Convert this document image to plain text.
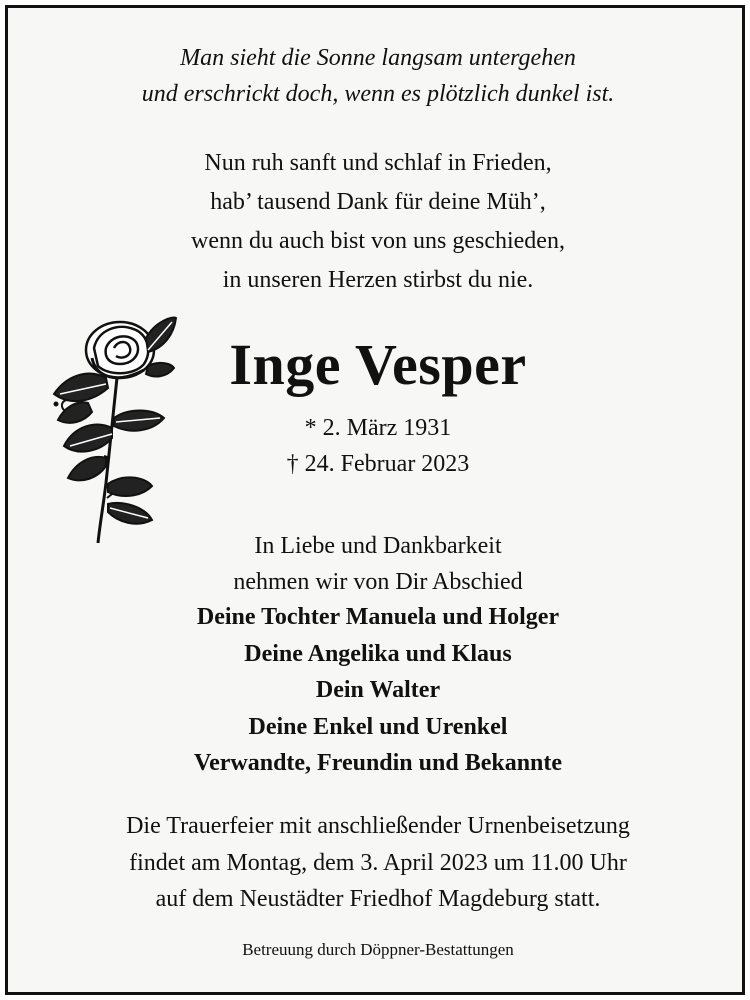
Man sieht die Sonne langsam untergehen
und erschrickt doch, wenn es plötzlich dunkel ist.
Nun ruh sanft und schlaf in Frieden,
hab’ tausend Dank für deine Müh’,
wenn du auch bist von uns geschieden,
in unseren Herzen stirbst du nie.
Inge Vesper
* 2. März 1931
† 24. Februar 2023
In Liebe und Dankbarkeit
nehmen wir von Dir Abschied
Deine Tochter Manuela und Holger
Deine Angelika und Klaus
Dein Walter
Deine Enkel und Urenkel
Verwandte, Freundin und Bekannte
Die Trauerfeier mit anschließender Urnenbeisetzung
findet am Montag, dem 3. April 2023 um 11.00 Uhr
auf dem Neustädter Friedhof Magdeburg statt.
Betreuung durch Döppner-Bestattungen
